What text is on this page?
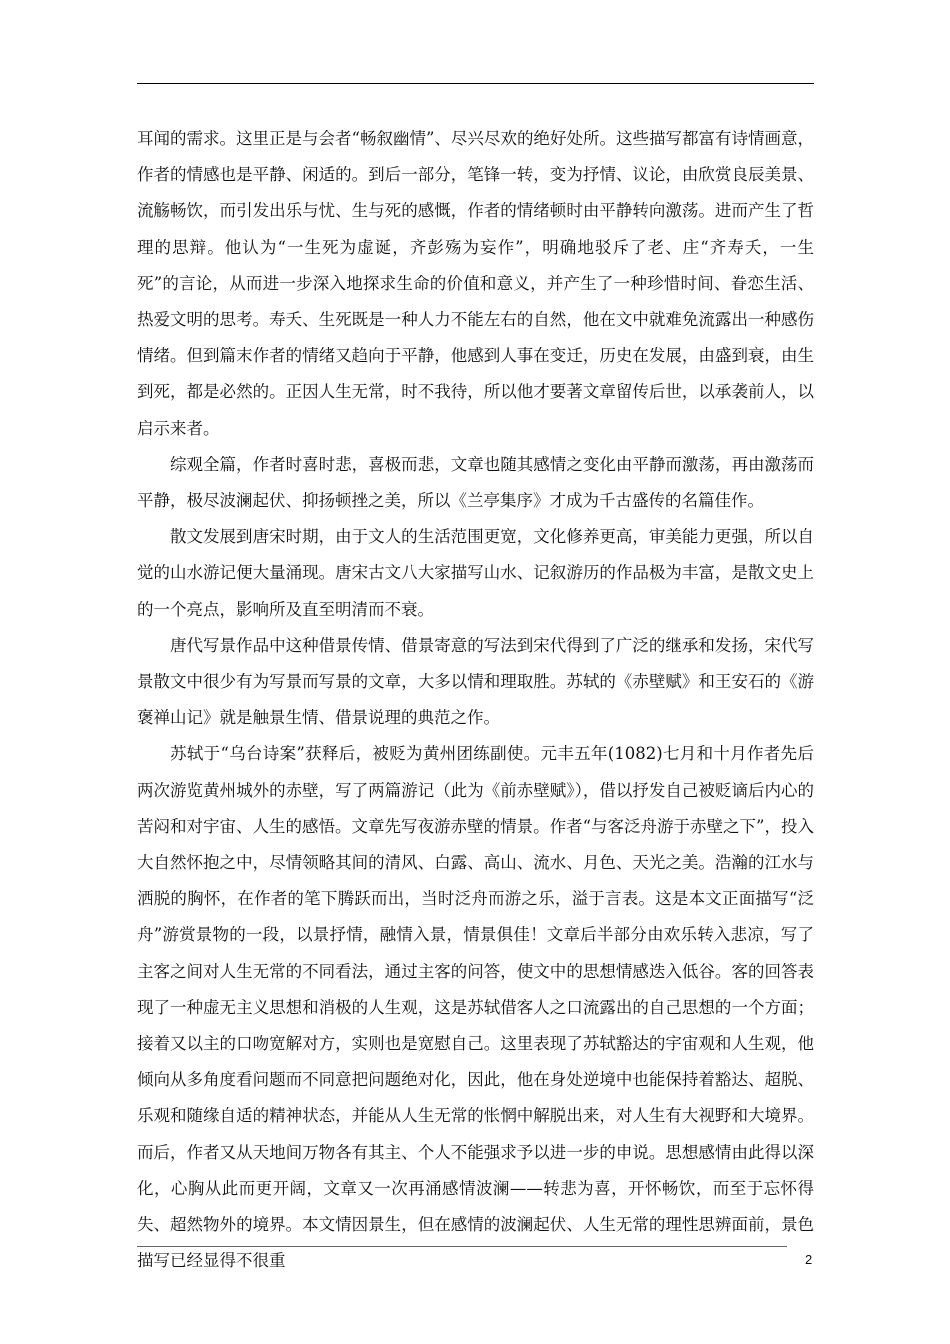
耳闻的需求。这里正是与会者“畅叙幽情”、尽兴尽欢的绝好处所。这些描写都富有诗情画意，作者的情感也是平静、闲适的。到后一部分，笔锋一转，变为抒情、议论，由欣赏良辰美景、流觞畅饮，而引发出乐与忧、生与死的感慨，作者的情绪顿时由平静转向激荡。进而产生了哲理的思辩。他认为“一生死为虚诞，齐彭殇为妄作”，明确地驳斥了老、庄“齐寿夭，一生死”的言论，从而进一步深入地探求生命的价值和意义，并产生了一种珍惜时间、眷恋生活、热爱文明的思考。寿夭、生死既是一种人力不能左右的自然，他在文中就难免流露出一种感伤情绪。但到篇末作者的情绪又趋向于平静，他感到人事在变迁，历史在发展，由盛到衰，由生到死，都是必然的。正因人生无常，时不我待，所以他才要著文章留传后世，以承袭前人，以启示来者。

综观全篇，作者时喜时悲，喜极而悲，文章也随其感情之变化由平静而激荡，再由激荡而平静，极尽波澜起伏、抑扬顿挫之美，所以《兰亭集序》才成为千古盛传的名篇佳作。

散文发展到唐宋时期，由于文人的生活范围更宽，文化修养更高，审美能力更强，所以自觉的山水游记便大量涌现。唐宋古文八大家描写山水、记叙游历的作品极为丰富，是散文史上的一个亮点，影响所及直至明清而不衰。

唐代写景作品中这种借景传情、借景寄意的写法到宋代得到了广泛的继承和发扬，宋代写景散文中很少有为写景而写景的文章，大多以情和理取胜。苏轼的《赤壁赋》和王安石的《游褒禅山记》就是触景生情、借景说理的典范之作。

苏轼于“乌台诗案”获释后，被贬为黄州团练副使。元丰五年(1082)七月和十月作者先后两次游览黄州城外的赤壁，写了两篇游记（此为《前赤壁赋》），借以抒发自己被贬谪后内心的苦闷和对宇宙、人生的感悟。文章先写夜游赤壁的情景。作者“与客泛舟游于赤壁之下”，投入大自然怀抱之中，尽情领略其间的清风、白露、高山、流水、月色、天光之美。浩瀚的江水与洒脱的胸怀，在作者的笔下腾跃而出，当时泛舟而游之乐，溢于言表。这是本文正面描写“泛舟”游赏景物的一段，以景抒情，融情入景，情景俱佳！文章后半部分由欢乐转入悲凉，写了主客之间对人生无常的不同看法，通过主客的问答，使文中的思想情感迭入低谷。客的回答表现了一种虚无主义思想和消极的人生观，这是苏轼借客人之口流露出的自己思想的一个方面；接着又以主的口吻宽解对方，实则也是宽慰自己。这里表现了苏轼豁达的宇宙观和人生观，他倾向从多角度看问题而不同意把问题绝对化，因此，他在身处逆境中也能保持着豁达、超脱、乐观和随缘自适的精神状态，并能从人生无常的怅惘中解脱出来，对人生有大视野和大境界。而后，作者又从天地间万物各有其主、个人不能强求予以进一步的申说。思想感情由此得以深化，心胸从此而更开阔，文章又一次再涌感情波澜——转悲为喜，开怀畅饮，而至于忘怀得失、超然物外的境界。本文情因景生，但在感情的波澜起伏、人生无常的理性思辨面前，景色描写已经显得不很重	2
